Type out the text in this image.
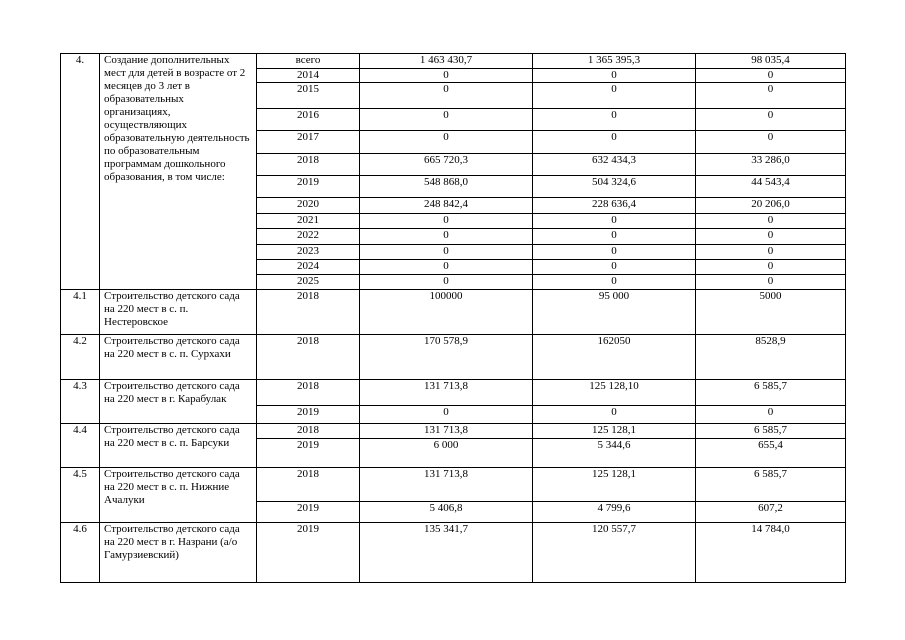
4.	Создание дополнительных мест для детей в возрасте от 2 месяцев до 3 лет в образовательных организациях, осуществляющих образовательную деятельность по образовательным программам дошкольного образования, в том числе:	всего	1 463 430,7	1 365 395,3	98 035,4
		2014	0	0	0
		2015	0	0	0
		2016	0	0	0
		2017	0	0	0
		2018	665 720,3	632 434,3	33 286,0
		2019	548 868,0	504 324,6	44 543,4
		2020	248 842,4	228 636,4	20 206,0
		2021	0	0	0
		2022	0	0	0
		2023	0	0	0
		2024	0	0	0
		2025	0	0	0
4.1	Строительство детского сада на 220 мест в с. п. Нестеровское	2018	100000	95 000	5000
4.2	Строительство детского сада на 220 мест в с. п. Сурхахи	2018	170 578,9	162050	8528,9
4.3	Строительство детского сада на 220 мест в г. Карабулак	2018	131 713,8	125 128,10	6 585,7
		2019	0	0	0
4.4	Строительство детского сада на 220 мест в с. п. Барсуки	2018	131 713,8	125 128,1	6 585,7
		2019	6 000	5 344,6	655,4
4.5	Строительство детского сада на 220 мест в с. п. Нижние Ачалуки	2018	131 713,8	125 128,1	6 585,7
		2019	5 406,8	4 799,6	607,2
4.6	Строительство детского сада на 220 мест в г. Назрани (а/о Гамурзиевский)	2019	135 341,7	120 557,7	14 784,0
